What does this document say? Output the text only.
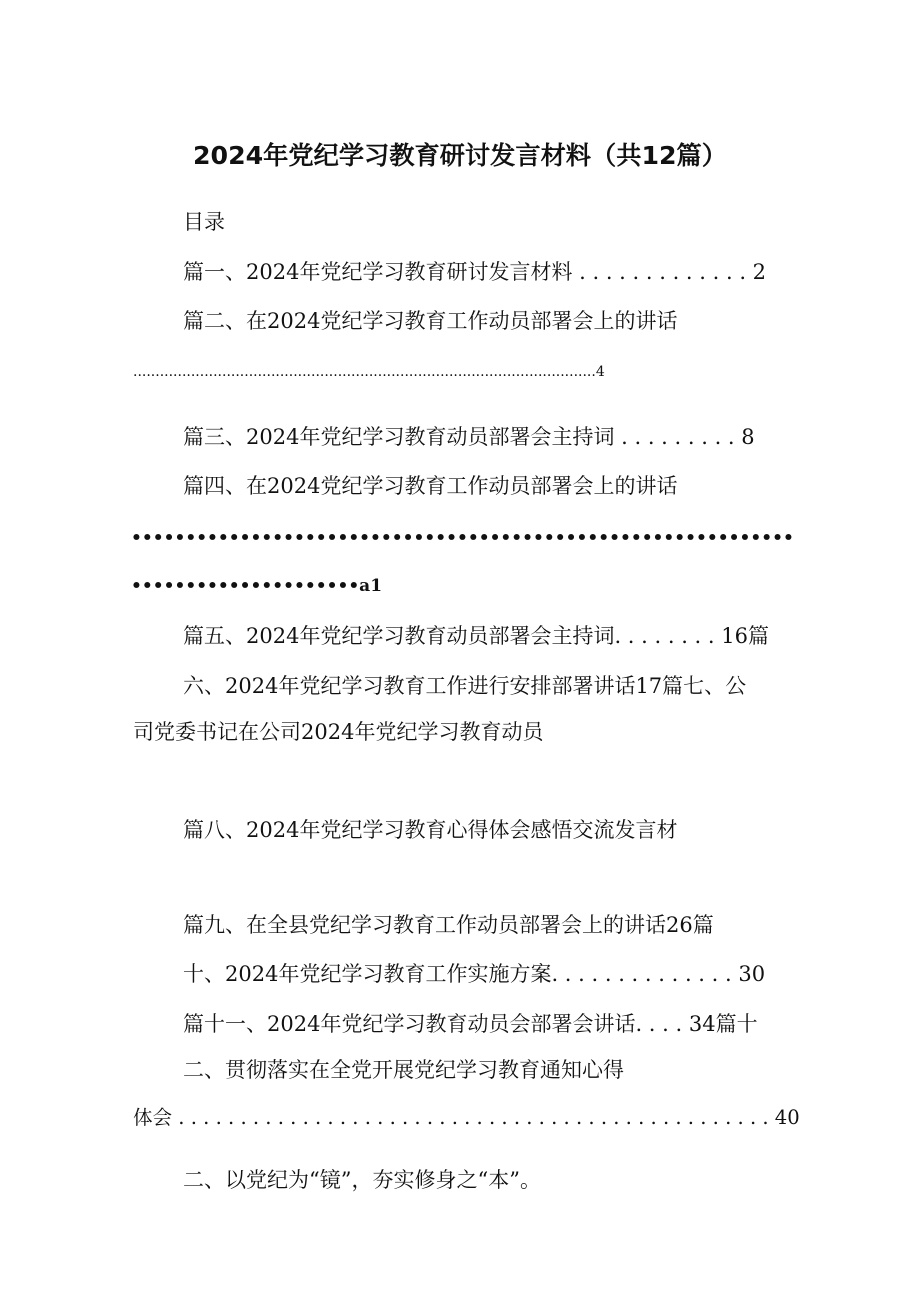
2024年党纪学习教育研讨发言材料（共12篇）
目录
篇一、2024年党纪学习教育研讨发言材料 . . . . . . . . . . . . . 2
篇二、在2024党纪学习教育工作动员部署会上的讲话
........................................................................................................4
篇三、2024年党纪学习教育动员部署会主持词 . . . . . . . . . 8
篇四、在2024党纪学习教育工作动员部署会上的讲话
•••••••••••••••••••••••••••••••••••••••••••••••••••••••••••••
•••••••••••••••••••••a1
篇五、2024年党纪学习教育动员部署会主持词. . . . . . . . 16篇
六、2024年党纪学习教育工作进行安排部署讲话17篇七、公
司党委书记在公司2024年党纪学习教育动员
篇八、2024年党纪学习教育心得体会感悟交流发言材
篇九、在全县党纪学习教育工作动员部署会上的讲话26篇
十、2024年党纪学习教育工作实施方案. . . . . . . . . . . . . . 30
篇十一、2024年党纪学习教育动员会部署会讲话. . . . 34篇十
二、贯彻落实在全党开展党纪学习教育通知心得
体会 . . . . . . . . . . . . . . . . . . . . . . . . . . . . . . . . . . . . . . . . . . . . . . . . 40
二、以党纪为“镜”，夯实修身之“本”。
